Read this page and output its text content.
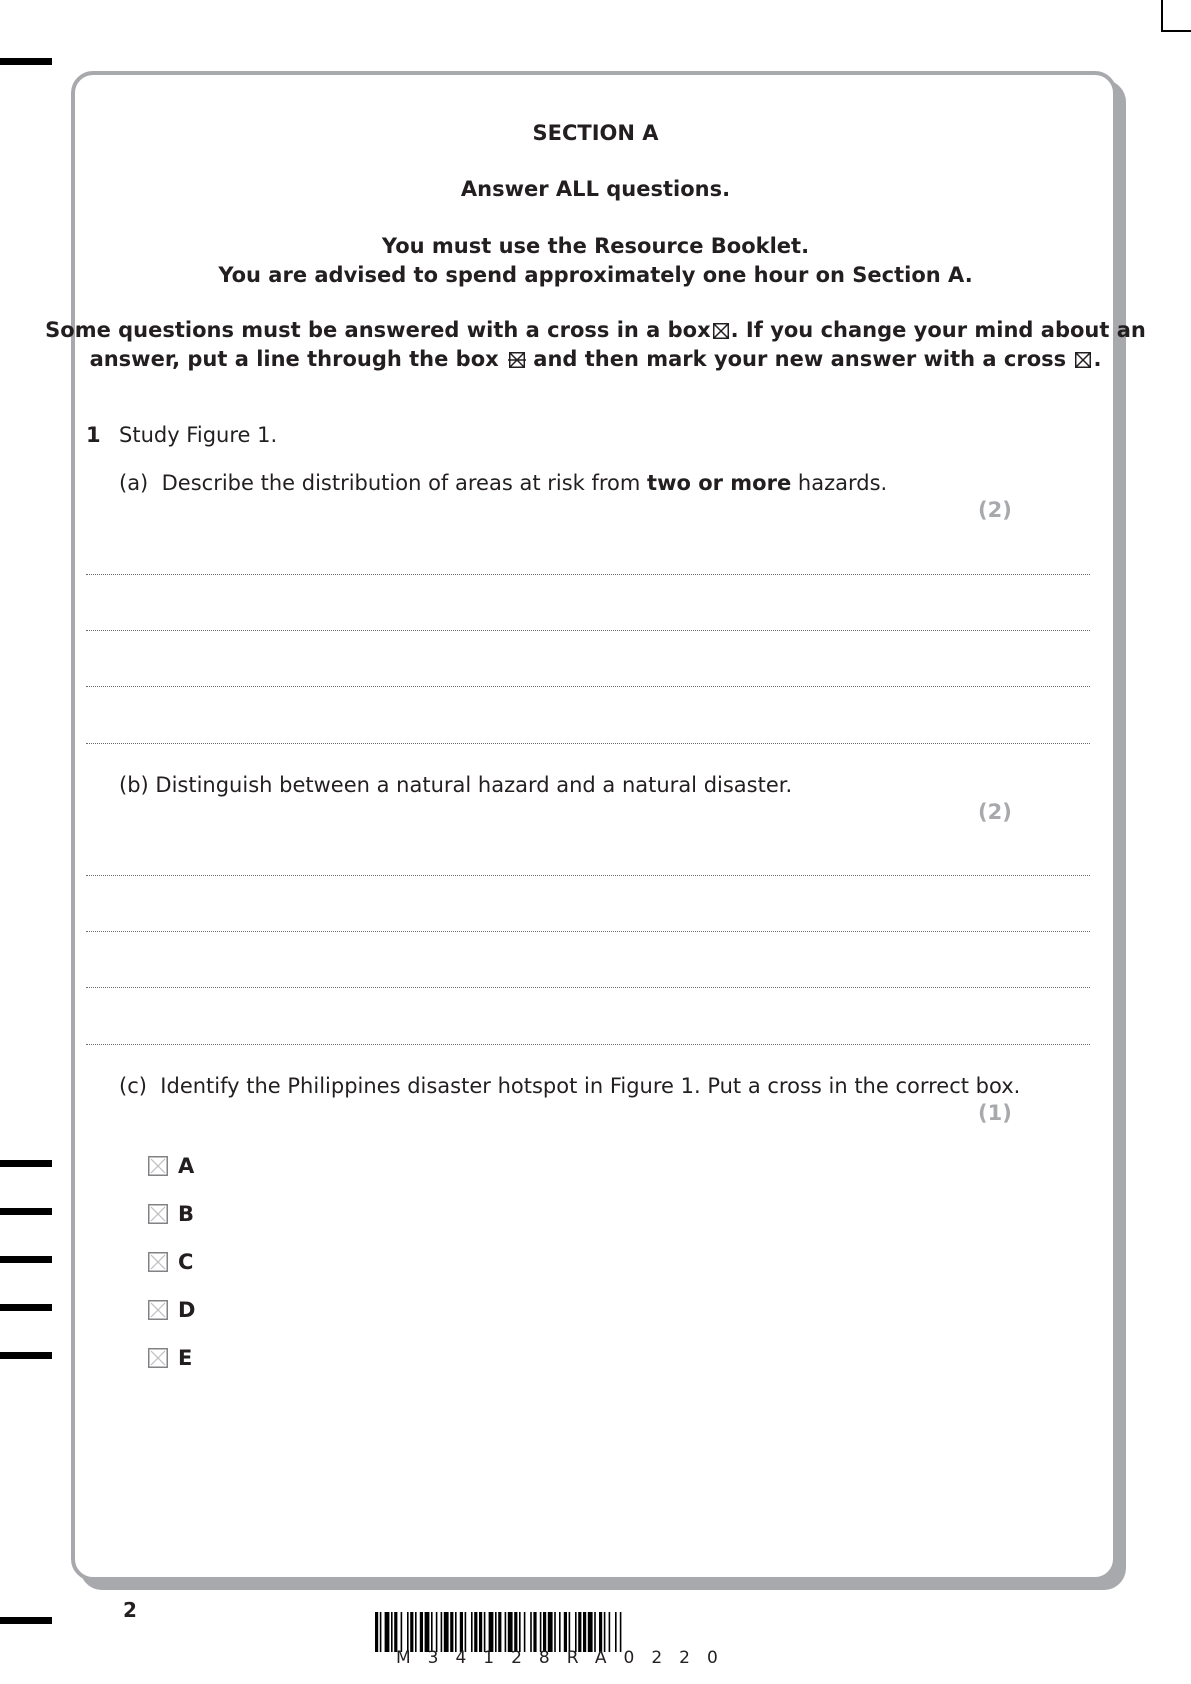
SECTION A
Answer ALL questions.
You must use the Resource Booklet.
You are advised to spend approximately one hour on Section A.
Some questions must be answered with a cross in a box ☒ . If you change your mind about an
answer, put a line through the box and then mark your new answer with a cross ☒ .
1 Study Figure 1.
(a) Describe the distribution of areas at risk from two or more hazards.
(2)
(b) Distinguish between a natural hazard and a natural disaster.
(2)
(c) Identify the Philippines disaster hotspot in Figure 1. Put a cross in the correct box.
(1)
A
B
C
D
E
2
M34128RA0220
